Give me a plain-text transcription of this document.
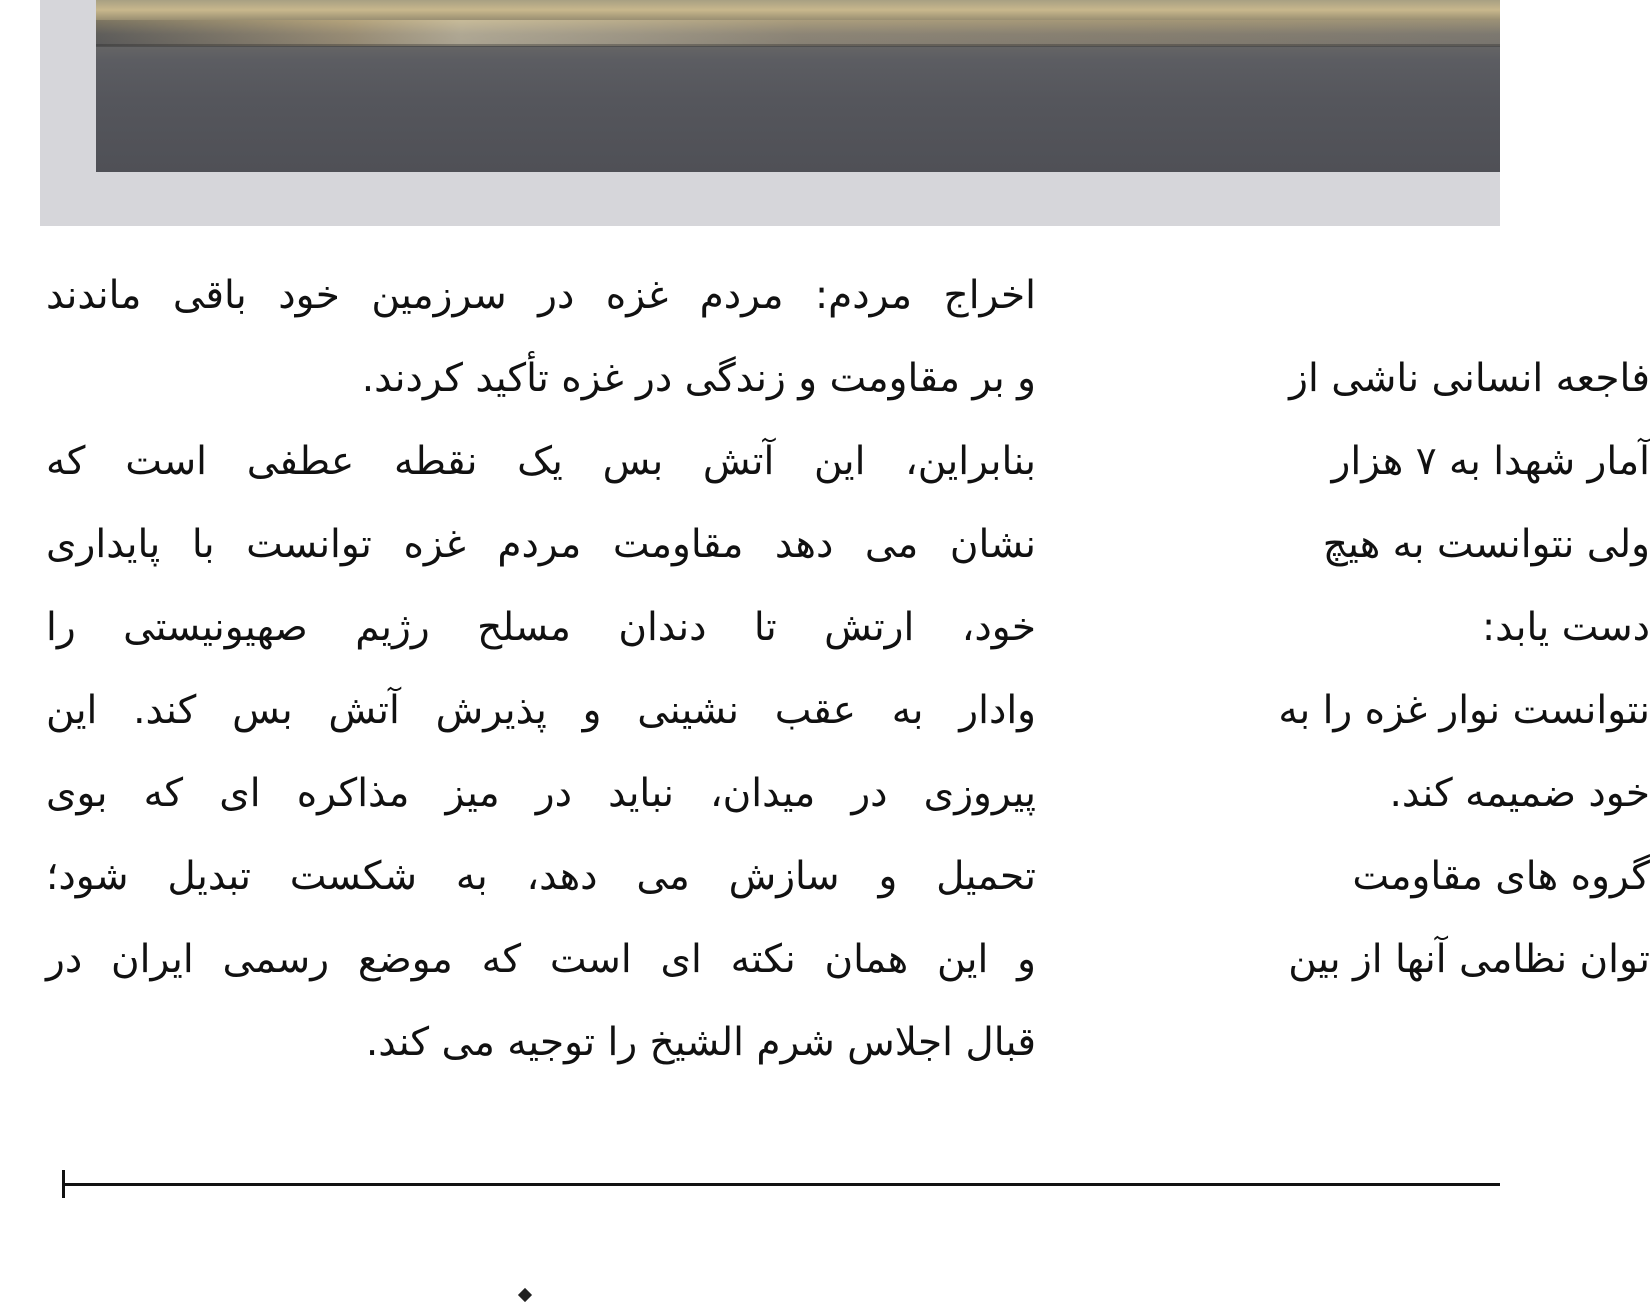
اخراج مردم: مردم غزه در سرزمین خود باقی ماندند
و بر مقاومت و زندگی در غزه تأکید کردند.
بنابراین، این آتش بس یک نقطه عطفی است که
نشان می دهد مقاومت مردم غزه توانست با پایداری
خود، ارتش تا دندان مسلح رژیم صهیونیستی را
وادار به عقب نشینی و پذیرش آتش بس کند. این
پیروزی در میدان، نباید در میز مذاکره ای که بوی
تحمیل و سازش می دهد، به شکست تبدیل شود؛
و این همان نکته ای است که موضع رسمی ایران در
قبال اجلاس شرم الشیخ را توجیه می کند.
فاجعه انسانی ناشی از
آمار شهدا به ۷ هزار
ولی نتوانست به هیچ
دست یابد:
نتوانست نوار غزه را به
خود ضمیمه کند.
گروه های مقاومت
توان نظامی آنها از بین
